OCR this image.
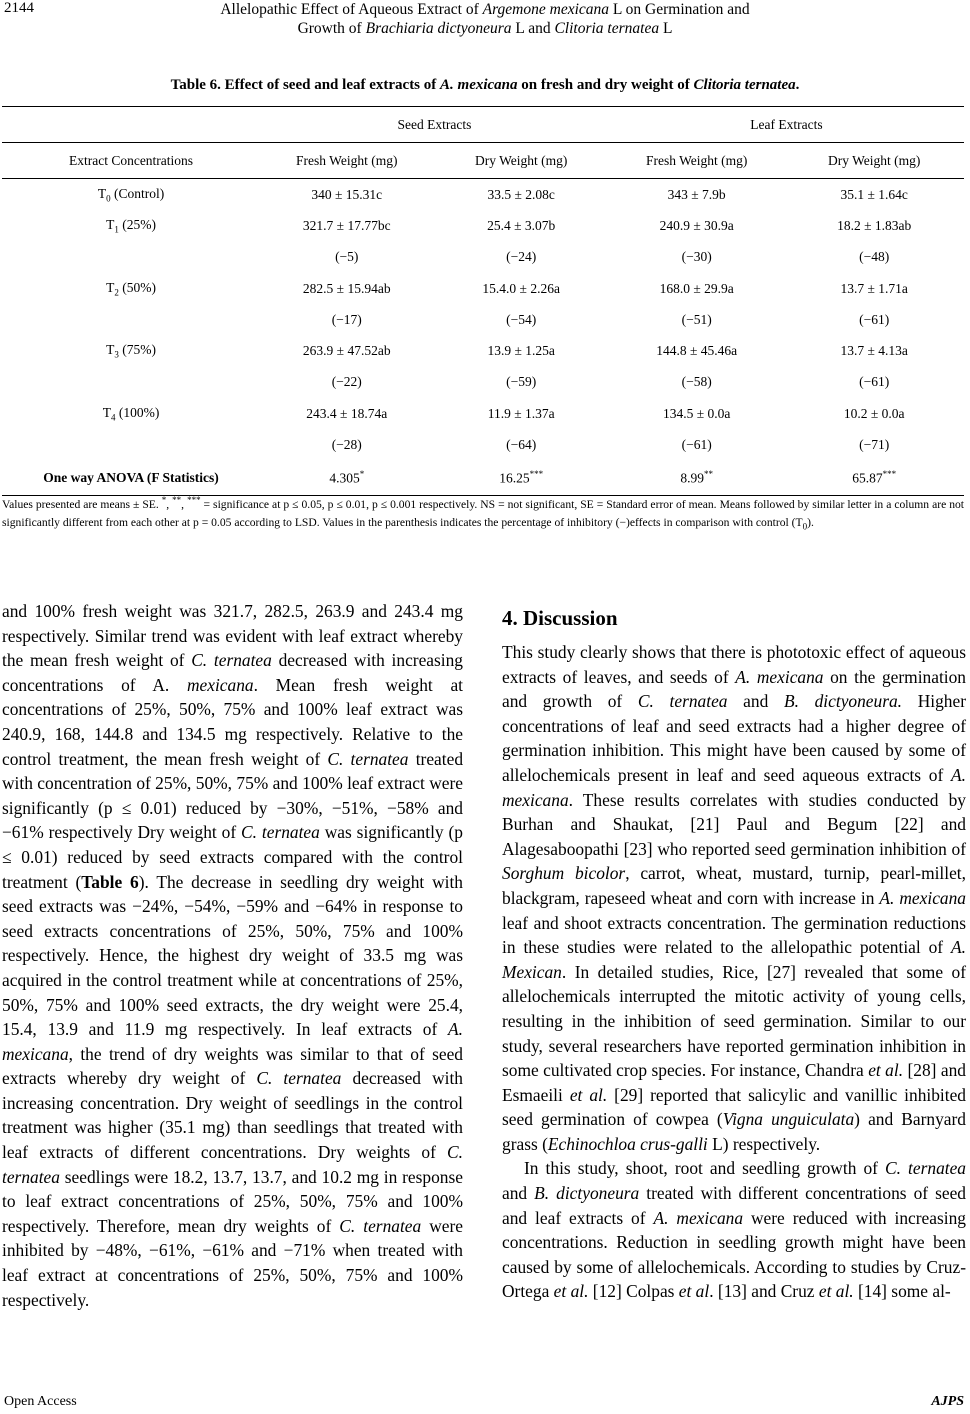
2144	Allelopathic Effect of Aqueous Extract of Argemone mexicana L on Germination and
Growth of Brachiaria dictyoneura L and Clitoria ternatea L
Table 6. Effect of seed and leaf extracts of A. mexicana on fresh and dry weight of Clitoria ternatea.
	Seed Extracts		Leaf Extracts	
Extract Concentrations	Fresh Weight (mg)	Dry Weight (mg)	Fresh Weight (mg)	Dry Weight (mg)
$T_0$ (Control)	340 ± 15.31c	33.5 ± 2.08c	343 ± 7.9b	35.1 ± 1.64c
$T_1$ (25%)	321.7 ± 17.77bc	25.4 ± 3.07b	240.9 ± 30.9a	18.2 ± 1.83ab
	(−5)	(−24)	(−30)	(−48)
$T_2$ (50%)	282.5 ± 15.94ab	15.4.0 ± 2.26a	168.0 ± 29.9a	13.7 ± 1.71a
	(−17)	(−54)	(−51)	(−61)
$T_3$ (75%)	263.9 ± 47.52ab	13.9 ± 1.25a	144.8 ± 45.46a	13.7 ± 4.13a
	(−22)	(−59)	(−58)	(−61)
$T_4$ (100%)	243.4 ± 18.74a	11.9 ± 1.37a	134.5 ± 0.0a	10.2 ± 0.0a
	(−28)	(−64)	(−61)	(−71)
One way ANOVA (F Statistics)	4.305*	16.25***	8.99**	65.87***
Values presented are means ± SE. *, **, *** = significance at p ≤ 0.05, p ≤ 0.01, p ≤ 0.001 respectively. NS = not significant, SE = Standard error of mean. Means followed by similar letter in a column are not significantly different from each other at p = 0.05 according to LSD. Values in the parenthesis indicates the percentage of inhibitory (−)effects in comparison with control $(T_0)$.

and 100% fresh weight was 321.7, 282.5, 263.9 and 243.4 mg respectively. Similar trend was evident with leaf extract whereby the mean fresh weight of C. ternatea decreased with increasing concentrations of A. mexicana. Mean fresh weight at concentrations of 25%, 50%, 75% and 100% leaf extract was 240.9, 168, 144.8 and 134.5 mg respectively. Relative to the control treatment, the mean fresh weight of C. ternatea treated with concentration of 25%, 50%, 75% and 100% leaf extract were significantly (p ≤ 0.01) reduced by −30%, −51%, −58% and −61% respectively Dry weight of C. ternatea was significantly (p ≤ 0.01) reduced by seed extracts compared with the control treatment (Table 6). The decrease in seedling dry weight with seed extracts was −24%, −54%, −59% and −64% in response to seed extracts concentrations of 25%, 50%, 75% and 100% respectively. Hence, the highest dry weight of 33.5 mg was acquired in the control treatment while at concentrations of 25%, 50%, 75% and 100% seed extracts, the dry weight were 25.4, 15.4, 13.9 and 11.9 mg respectively. In leaf extracts of A. mexicana, the trend of dry weights was similar to that of seed extracts whereby dry weight of C. ternatea decreased with increasing concentration. Dry weight of seedlings in the control treatment was higher (35.1 mg) than seedlings that treated with leaf extracts of different concentrations. Dry weights of C. ternatea seedlings were 18.2, 13.7, 13.7, and 10.2 mg in response to leaf extract concentrations of 25%, 50%, 75% and 100% respectively. Therefore, mean dry weights of C. ternatea were inhibited by −48%, −61%, −61% and −71% when treated with leaf extract at concentrations of 25%, 50%, 75% and 100% respectively.

4. Discussion

This study clearly shows that there is phototoxic effect of aqueous extracts of leaves, and seeds of A. mexicana on the germination and growth of C. ternatea and B. dictyoneura. Higher concentrations of leaf and seed extracts had a higher degree of germination inhibition. This might have been caused by some of allelochemicals present in leaf and seed aqueous extracts of A. mexicana. These results correlates with studies conducted by Burhan and Shaukat, [21] Paul and Begum [22] and Alagesaboopathi [23] who reported seed germination inhibition of Sorghum bicolor, carrot, wheat, mustard, turnip, pearl-millet, blackgram, rapeseed wheat and corn with increase in A. mexicana leaf and shoot extracts concentration. The germination reductions in these studies were related to the allelopathic potential of A. Mexican. In detailed studies, Rice, [27] revealed that some of allelochemicals interrupted the mitotic activity of young cells, resulting in the inhibition of seed germination. Similar to our study, several researchers have reported germination inhibition in some cultivated crop species. For instance, Chandra et al. [28] and Esmaeili et al. [29] reported that salicylic and vanillic inhibited seed germination of cowpea (Vigna unguiculata) and Barnyard grass (Echinochloa crus-galli L) respectively.

In this study, shoot, root and seedling growth of C. ternatea and B. dictyoneura treated with different concentrations of seed and leaf extracts of A. mexicana were reduced with increasing concentrations. Reduction in seedling growth might have been caused by some of allelochemicals. According to studies by Cruz-Ortega et al. [12] Colpas et al. [13] and Cruz et al. [14] some al-

Open Access	AJPS
